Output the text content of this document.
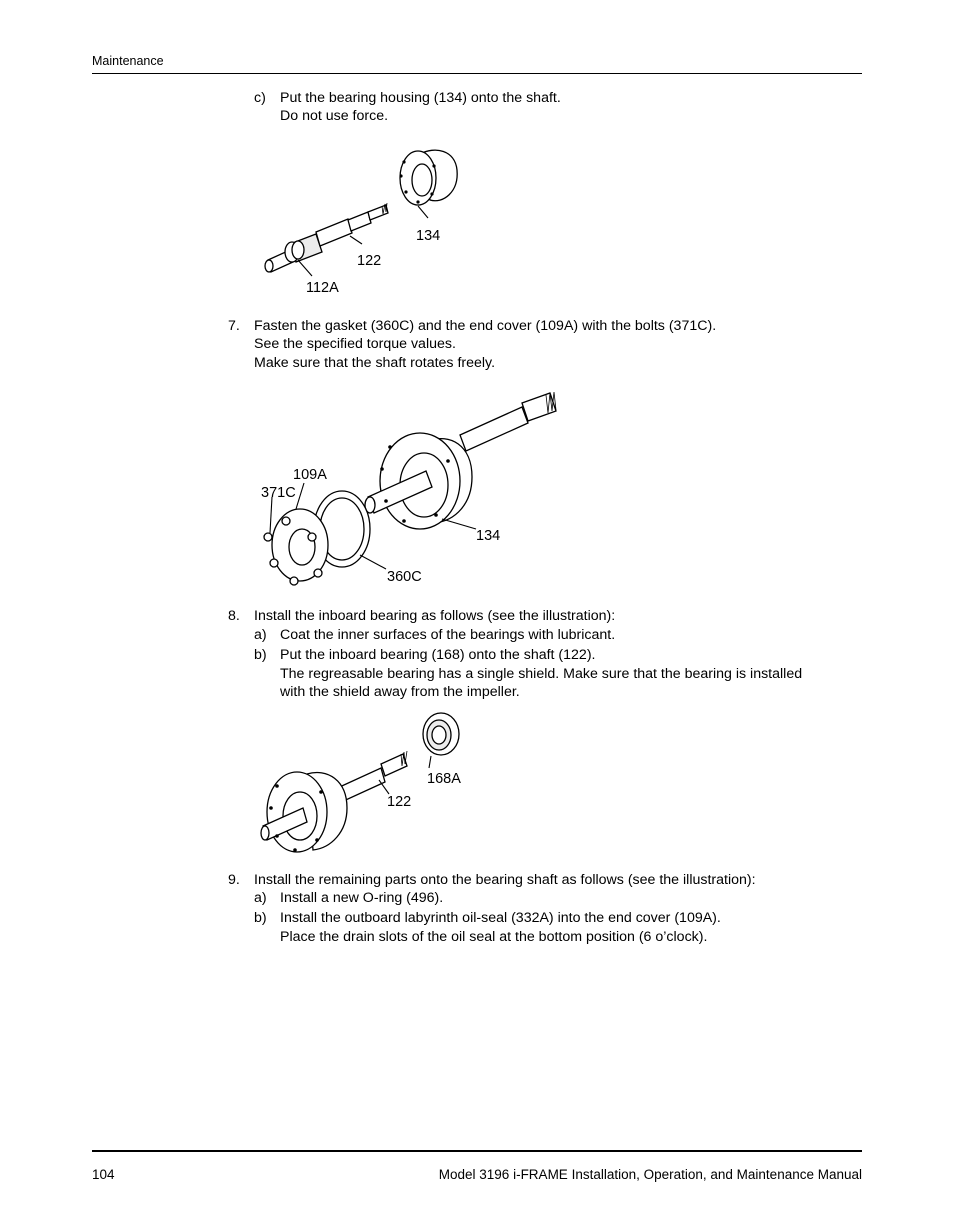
Maintenance
104	Model 3196 i-FRAME Installation, Operation, and Maintenance Manual
c) Put the bearing housing (134) onto the shaft.
Do not use force.
134
122
112A
7. Fasten the gasket (360C) and the end cover (109A) with the bolts (371C).
See the specified torque values.
Make sure that the shaft rotates freely.
109A
371C
134
360C
8. Install the inboard bearing as follows (see the illustration):
a) Coat the inner surfaces of the bearings with lubricant.
b) Put the inboard bearing (168) onto the shaft (122).
The regreasable bearing has a single shield. Make sure that the bearing is installed
with the shield away from the impeller.
168A
122
9. Install the remaining parts onto the bearing shaft as follows (see the illustration):
a) Install a new O-ring (496).
b) Install the outboard labyrinth oil-seal (332A) into the end cover (109A).
Place the drain slots of the oil seal at the bottom position (6 o’clock).
